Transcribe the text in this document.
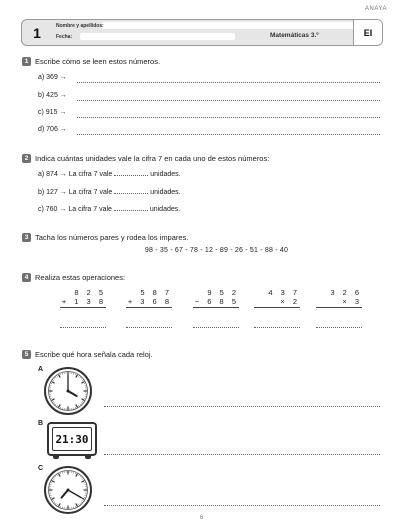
ANAYA
1	Nombre y apellidos:
Fecha:	Matemáticas 3.º	EI
1 Escribe cómo se leen estos números.
a) 369 →
b) 425 →
c) 915 →
d) 706 →
2 Indica cuántas unidades vale la cifra 7 en cada uno de estos números:
a) 874 → La cifra 7 vale	unidades.
b) 127 → La cifra 7 vale	unidades.
c) 760 → La cifra 7 vale	unidades.
3 Tacha los números pares y rodea los impares.
98 - 35 - 67 - 78 - 12 - 89 - 26 - 51 - 88 - 40
4 Realiza estas operaciones:
8 2 5
+ 1 3 8
5 8 7
+ 3 6 8
9 5 2
− 6 8 5
4 3 7
× 2
3 2 6
× 3
5 Escribe qué hora señala cada reloj.
A
B
21:30
C
6
